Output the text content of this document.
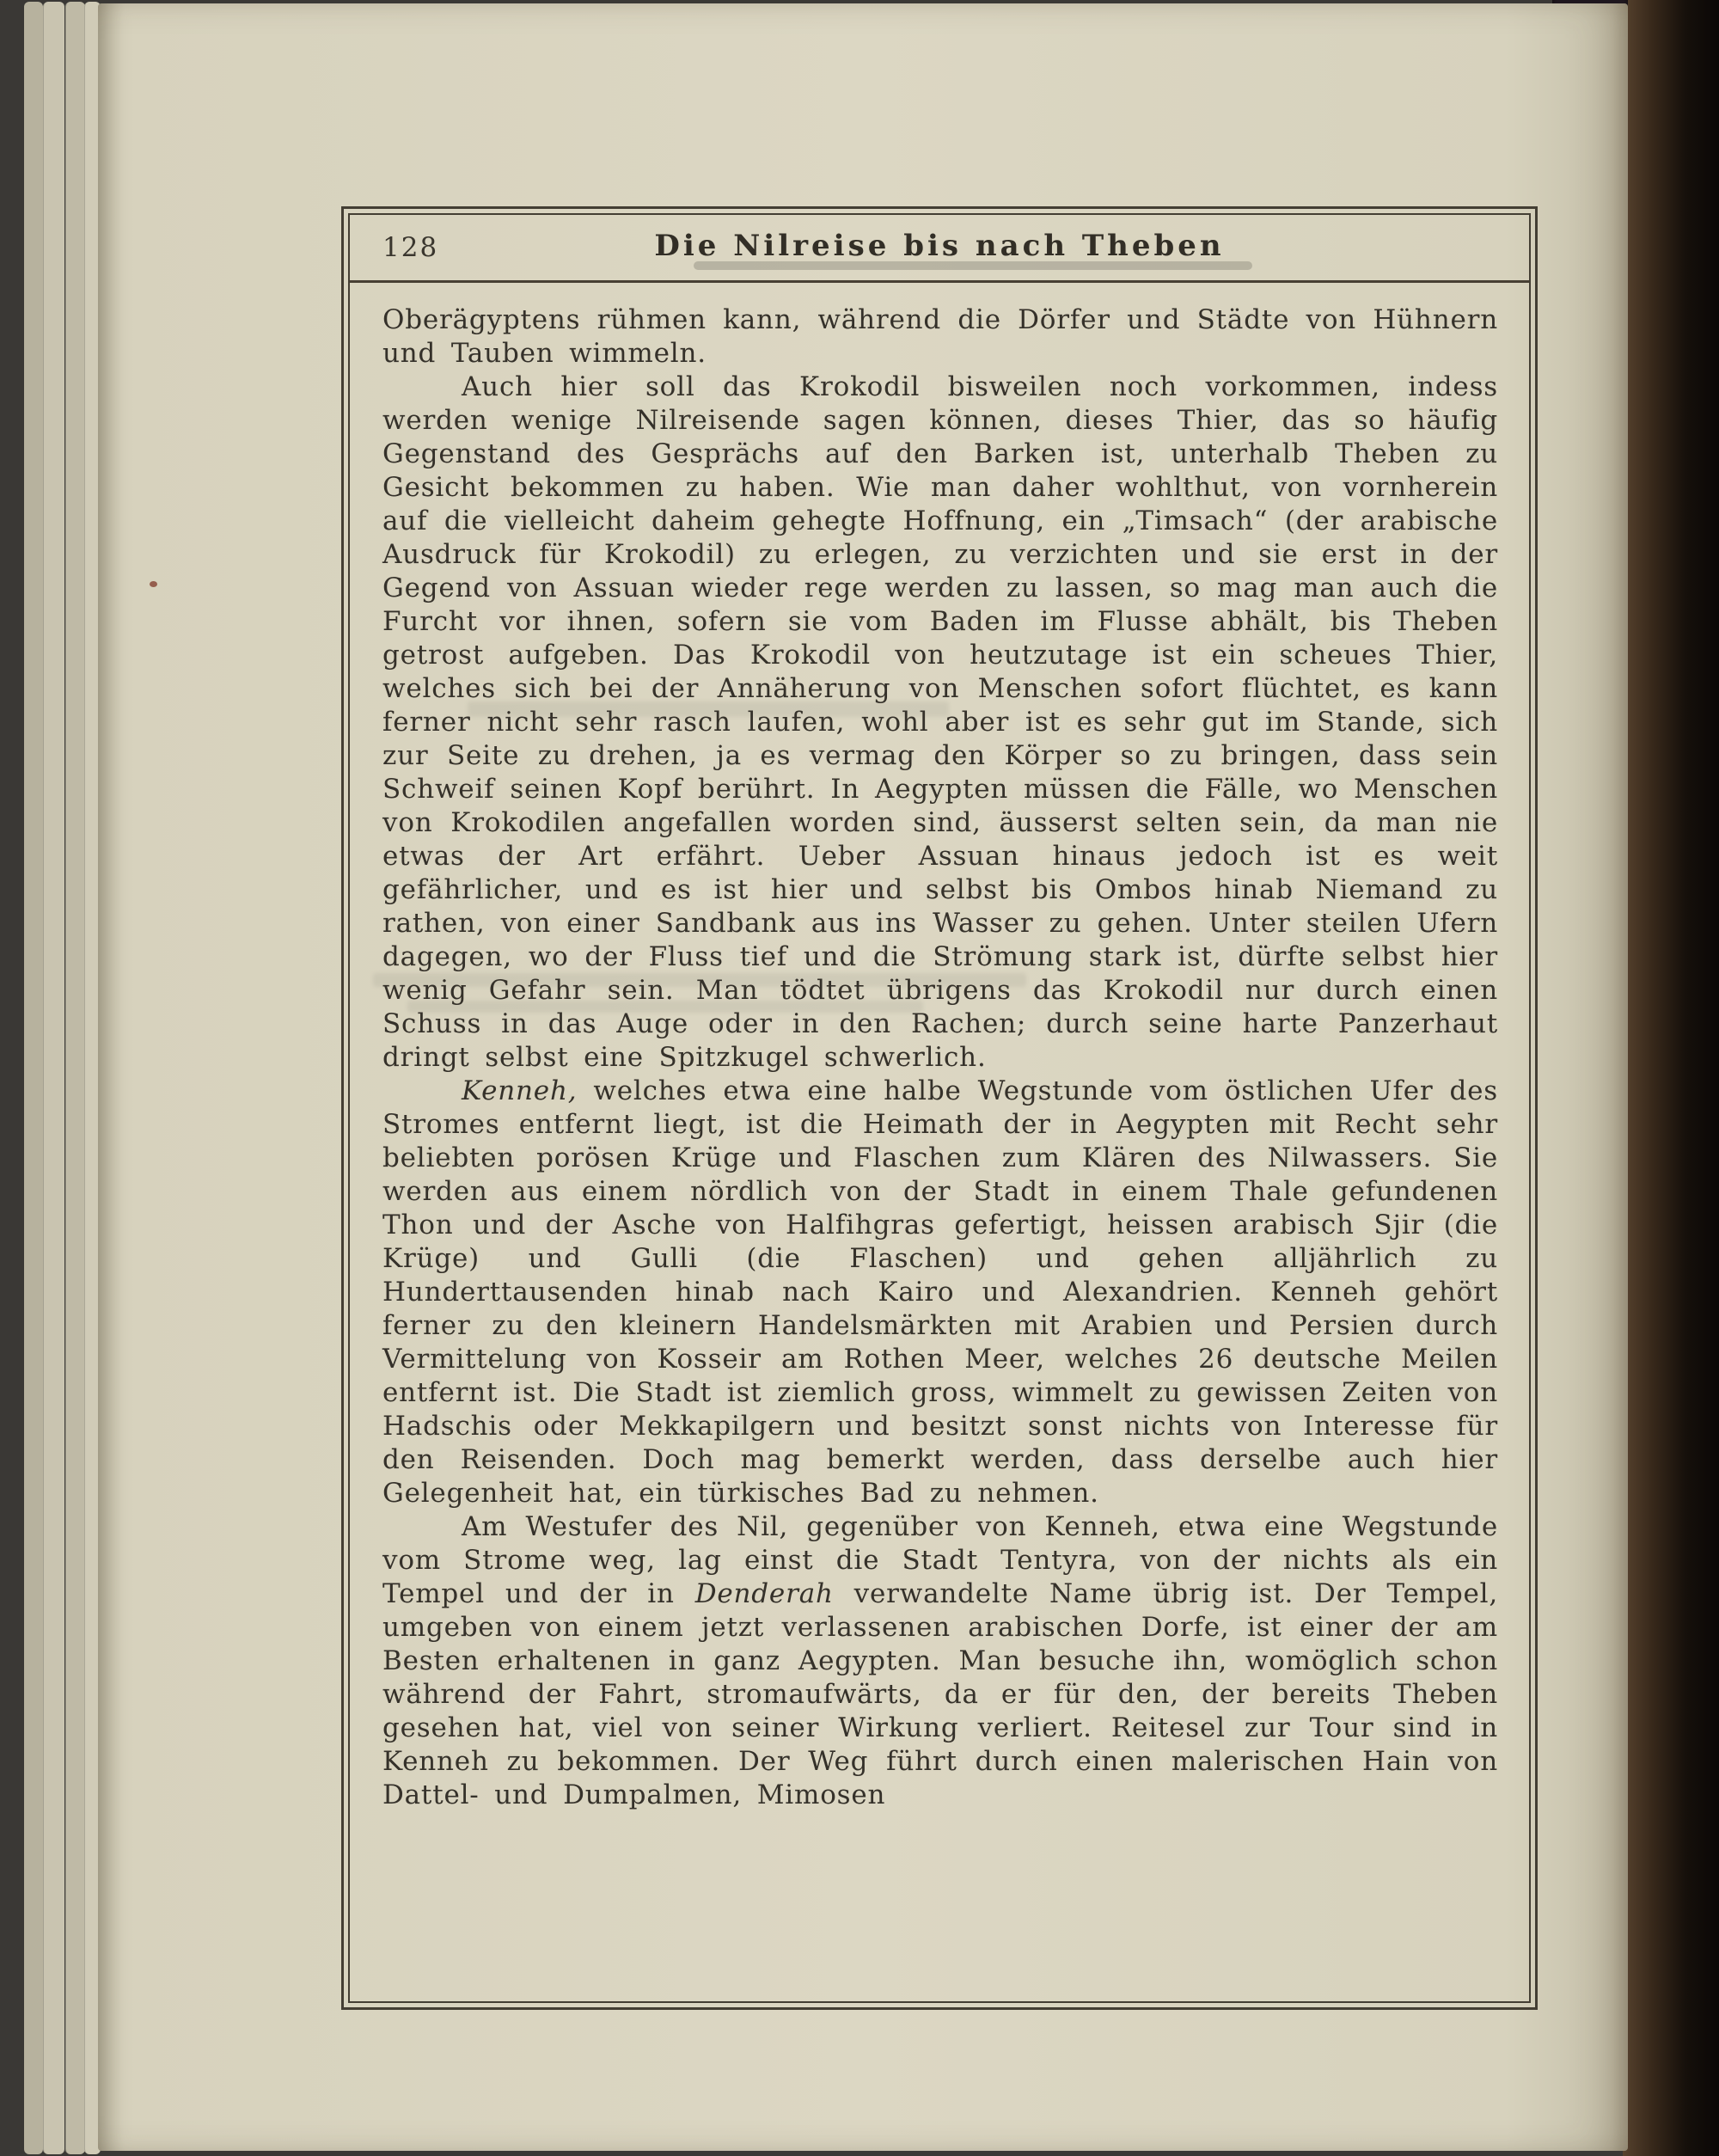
128	Die Nilreise bis nach Theben

Oberägyptens rühmen kann, während die Dörfer und Städte von Hühnern und Tauben wimmeln.

Auch hier soll das Krokodil bisweilen noch vorkommen, indess werden wenige Nilreisende sagen können, dieses Thier, das so häufig Gegenstand des Gesprächs auf den Barken ist, unterhalb Theben zu Gesicht bekommen zu haben. Wie man daher wohlthut, von vornherein auf die vielleicht daheim gehegte Hoffnung, ein „Timsach“ (der arabische Ausdruck für Krokodil) zu erlegen, zu verzichten und sie erst in der Gegend von Assuan wieder rege werden zu lassen, so mag man auch die Furcht vor ihnen, sofern sie vom Baden im Flusse abhält, bis Theben getrost aufgeben. Das Krokodil von heutzutage ist ein scheues Thier, welches sich bei der Annäherung von Menschen sofort flüchtet, es kann ferner nicht sehr rasch laufen, wohl aber ist es sehr gut im Stande, sich zur Seite zu drehen, ja es vermag den Körper so zu bringen, dass sein Schweif seinen Kopf berührt. In Aegypten müssen die Fälle, wo Menschen von Krokodilen angefallen worden sind, äusserst selten sein, da man nie etwas der Art erfährt. Ueber Assuan hinaus jedoch ist es weit gefährlicher, und es ist hier und selbst bis Ombos hinab Niemand zu rathen, von einer Sandbank aus ins Wasser zu gehen. Unter steilen Ufern dagegen, wo der Fluss tief und die Strömung stark ist, dürfte selbst hier wenig Gefahr sein. Man tödtet übrigens das Krokodil nur durch einen Schuss in das Auge oder in den Rachen; durch seine harte Panzerhaut dringt selbst eine Spitzkugel schwerlich.

Kenneh, welches etwa eine halbe Wegstunde vom östlichen Ufer des Stromes entfernt liegt, ist die Heimath der in Aegypten mit Recht sehr beliebten porösen Krüge und Flaschen zum Klären des Nilwassers. Sie werden aus einem nördlich von der Stadt in einem Thale gefundenen Thon und der Asche von Halfihgras gefertigt, heissen arabisch Sjir (die Krüge) und Gulli (die Flaschen) und gehen alljährlich zu Hunderttausenden hinab nach Kairo und Alexandrien. Kenneh gehört ferner zu den kleinern Handelsmärkten mit Arabien und Persien durch Vermittelung von Kosseir am Rothen Meer, welches 26 deutsche Meilen entfernt ist. Die Stadt ist ziemlich gross, wimmelt zu gewissen Zeiten von Hadschis oder Mekkapilgern und besitzt sonst nichts von Interesse für den Reisenden. Doch mag bemerkt werden, dass derselbe auch hier Gelegenheit hat, ein türkisches Bad zu nehmen.

Am Westufer des Nil, gegenüber von Kenneh, etwa eine Wegstunde vom Strome weg, lag einst die Stadt Tentyra, von der nichts als ein Tempel und der in Denderah verwandelte Name übrig ist. Der Tempel, umgeben von einem jetzt verlassenen arabischen Dorfe, ist einer der am Besten erhaltenen in ganz Aegypten. Man besuche ihn, womöglich schon während der Fahrt, stromaufwärts, da er für den, der bereits Theben gesehen hat, viel von seiner Wirkung verliert. Reitesel zur Tour sind in Kenneh zu bekommen. Der Weg führt durch einen malerischen Hain von Dattel- und Dumpalmen, Mimosen
